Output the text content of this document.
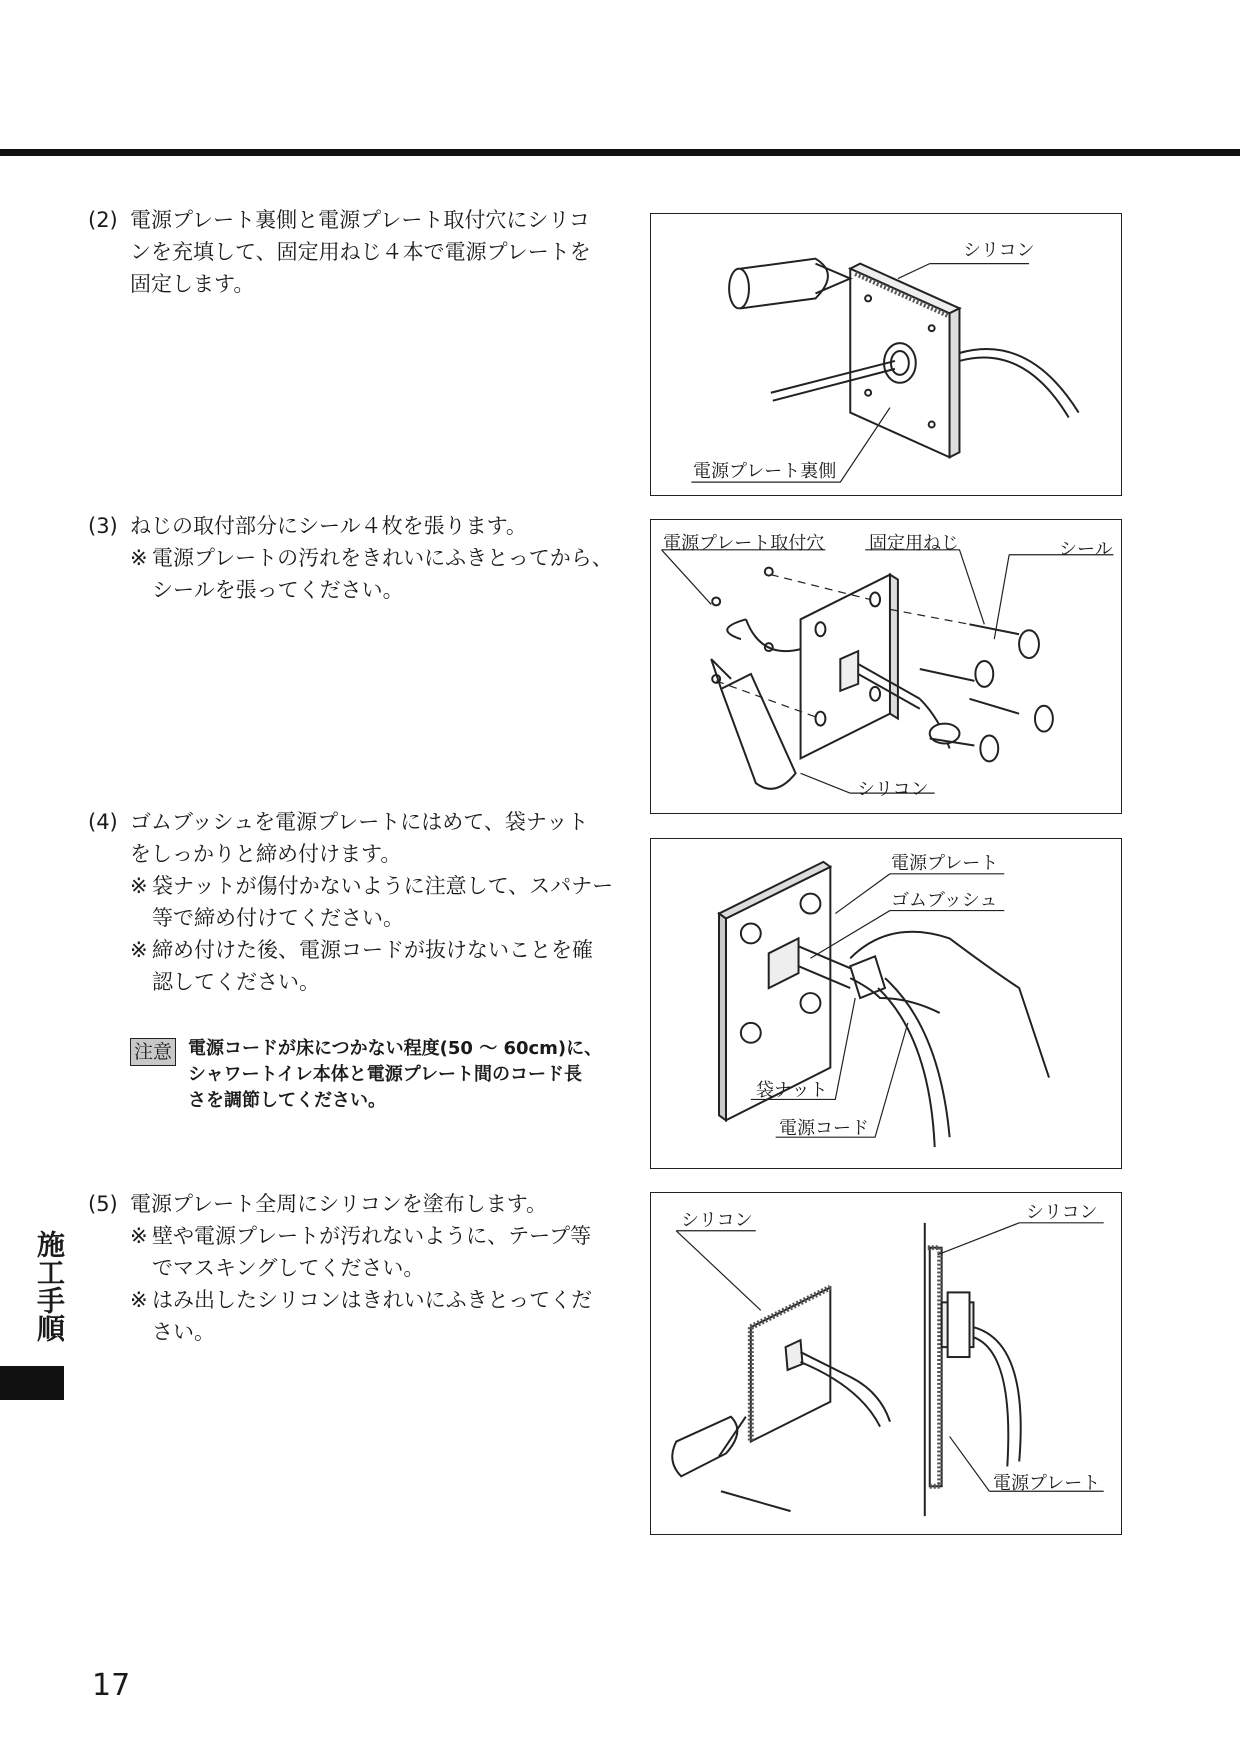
(2) 電源プレート裏側と電源プレート取付穴にシリコ
ンを充填して、固定用ねじ４本で電源プレートを
固定します。
(3) ねじの取付部分にシール４枚を張ります。
※ 電源プレートの汚れをきれいにふきとってから、
シールを張ってください。
(4) ゴムブッシュを電源プレートにはめて、袋ナット
をしっかりと締め付けます。
※ 袋ナットが傷付かないように注意して、スパナー
等で締め付けてください。
※ 締め付けた後、電源コードが抜けないことを確
認してください。
注意 電源コードが床につかない程度(50 ～ 60cm)に、
シャワートイレ本体と電源プレート間のコード長
さを調節してください。
(5) 電源プレート全周にシリコンを塗布します。
※ 壁や電源プレートが汚れないように、テープ等
でマスキングしてください。
※ はみ出したシリコンはきれいにふきとってくだ
さい。
シリコン
電源プレート裏側
電源プレート取付穴 固定用ねじ	シール
シリコン
電源プレート
ゴムブッシュ
袋ナット
電源コード
シリコン	シリコン
電源プレート
施工手順
17
